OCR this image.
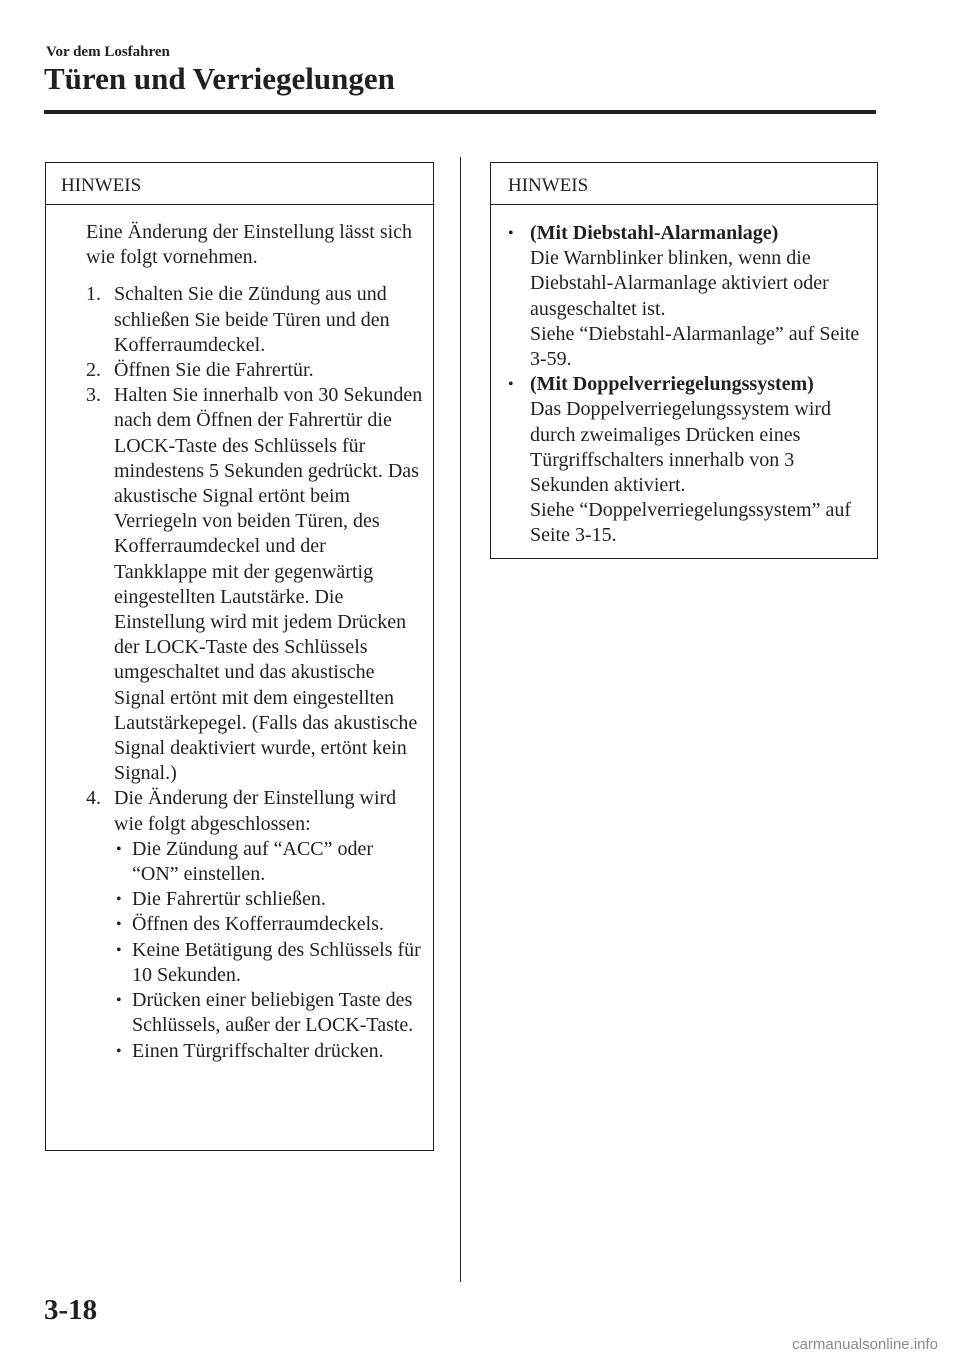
Vor dem Losfahren
Türen und Verriegelungen
HINWEIS

Eine Änderung der Einstellung lässt sich wie folgt vornehmen.

1. Schalten Sie die Zündung aus und schließen Sie beide Türen und den Kofferraumdeckel.
2. Öffnen Sie die Fahrertür.
3. Halten Sie innerhalb von 30 Sekunden nach dem Öffnen der Fahrertür die LOCK-Taste des Schlüssels für mindestens 5 Sekunden gedrückt. Das akustische Signal ertönt beim Verriegeln von beiden Türen, des Kofferraumdeckel und der Tankklappe mit der gegenwärtig eingestellten Lautstärke. Die Einstellung wird mit jedem Drücken der LOCK-Taste des Schlüssels umgeschaltet und das akustische Signal ertönt mit dem eingestellten Lautstärkepegel. (Falls das akustische Signal deaktiviert wurde, ertönt kein Signal.)
4. Die Änderung der Einstellung wird wie folgt abgeschlossen:
• Die Zündung auf “ACC” oder “ON” einstellen.
• Die Fahrertür schließen.
• Öffnen des Kofferraumdeckels.
• Keine Betätigung des Schlüssels für 10 Sekunden.
• Drücken einer beliebigen Taste des Schlüssels, außer der LOCK-Taste.
• Einen Türgriffschalter drücken.
HINWEIS
• (Mit Diebstahl-Alarmanlage)
Die Warnblinker blinken, wenn die Diebstahl-Alarmanlage aktiviert oder ausgeschaltet ist.
Siehe “Diebstahl-Alarmanlage” auf Seite 3-59.
• (Mit Doppelverriegelungssystem)
Das Doppelverriegelungssystem wird durch zweimaliges Drücken eines Türgriffschalters innerhalb von 3 Sekunden aktiviert.
Siehe “Doppelverriegelungssystem” auf Seite 3-15.
3-18
carmanualsonline.info
